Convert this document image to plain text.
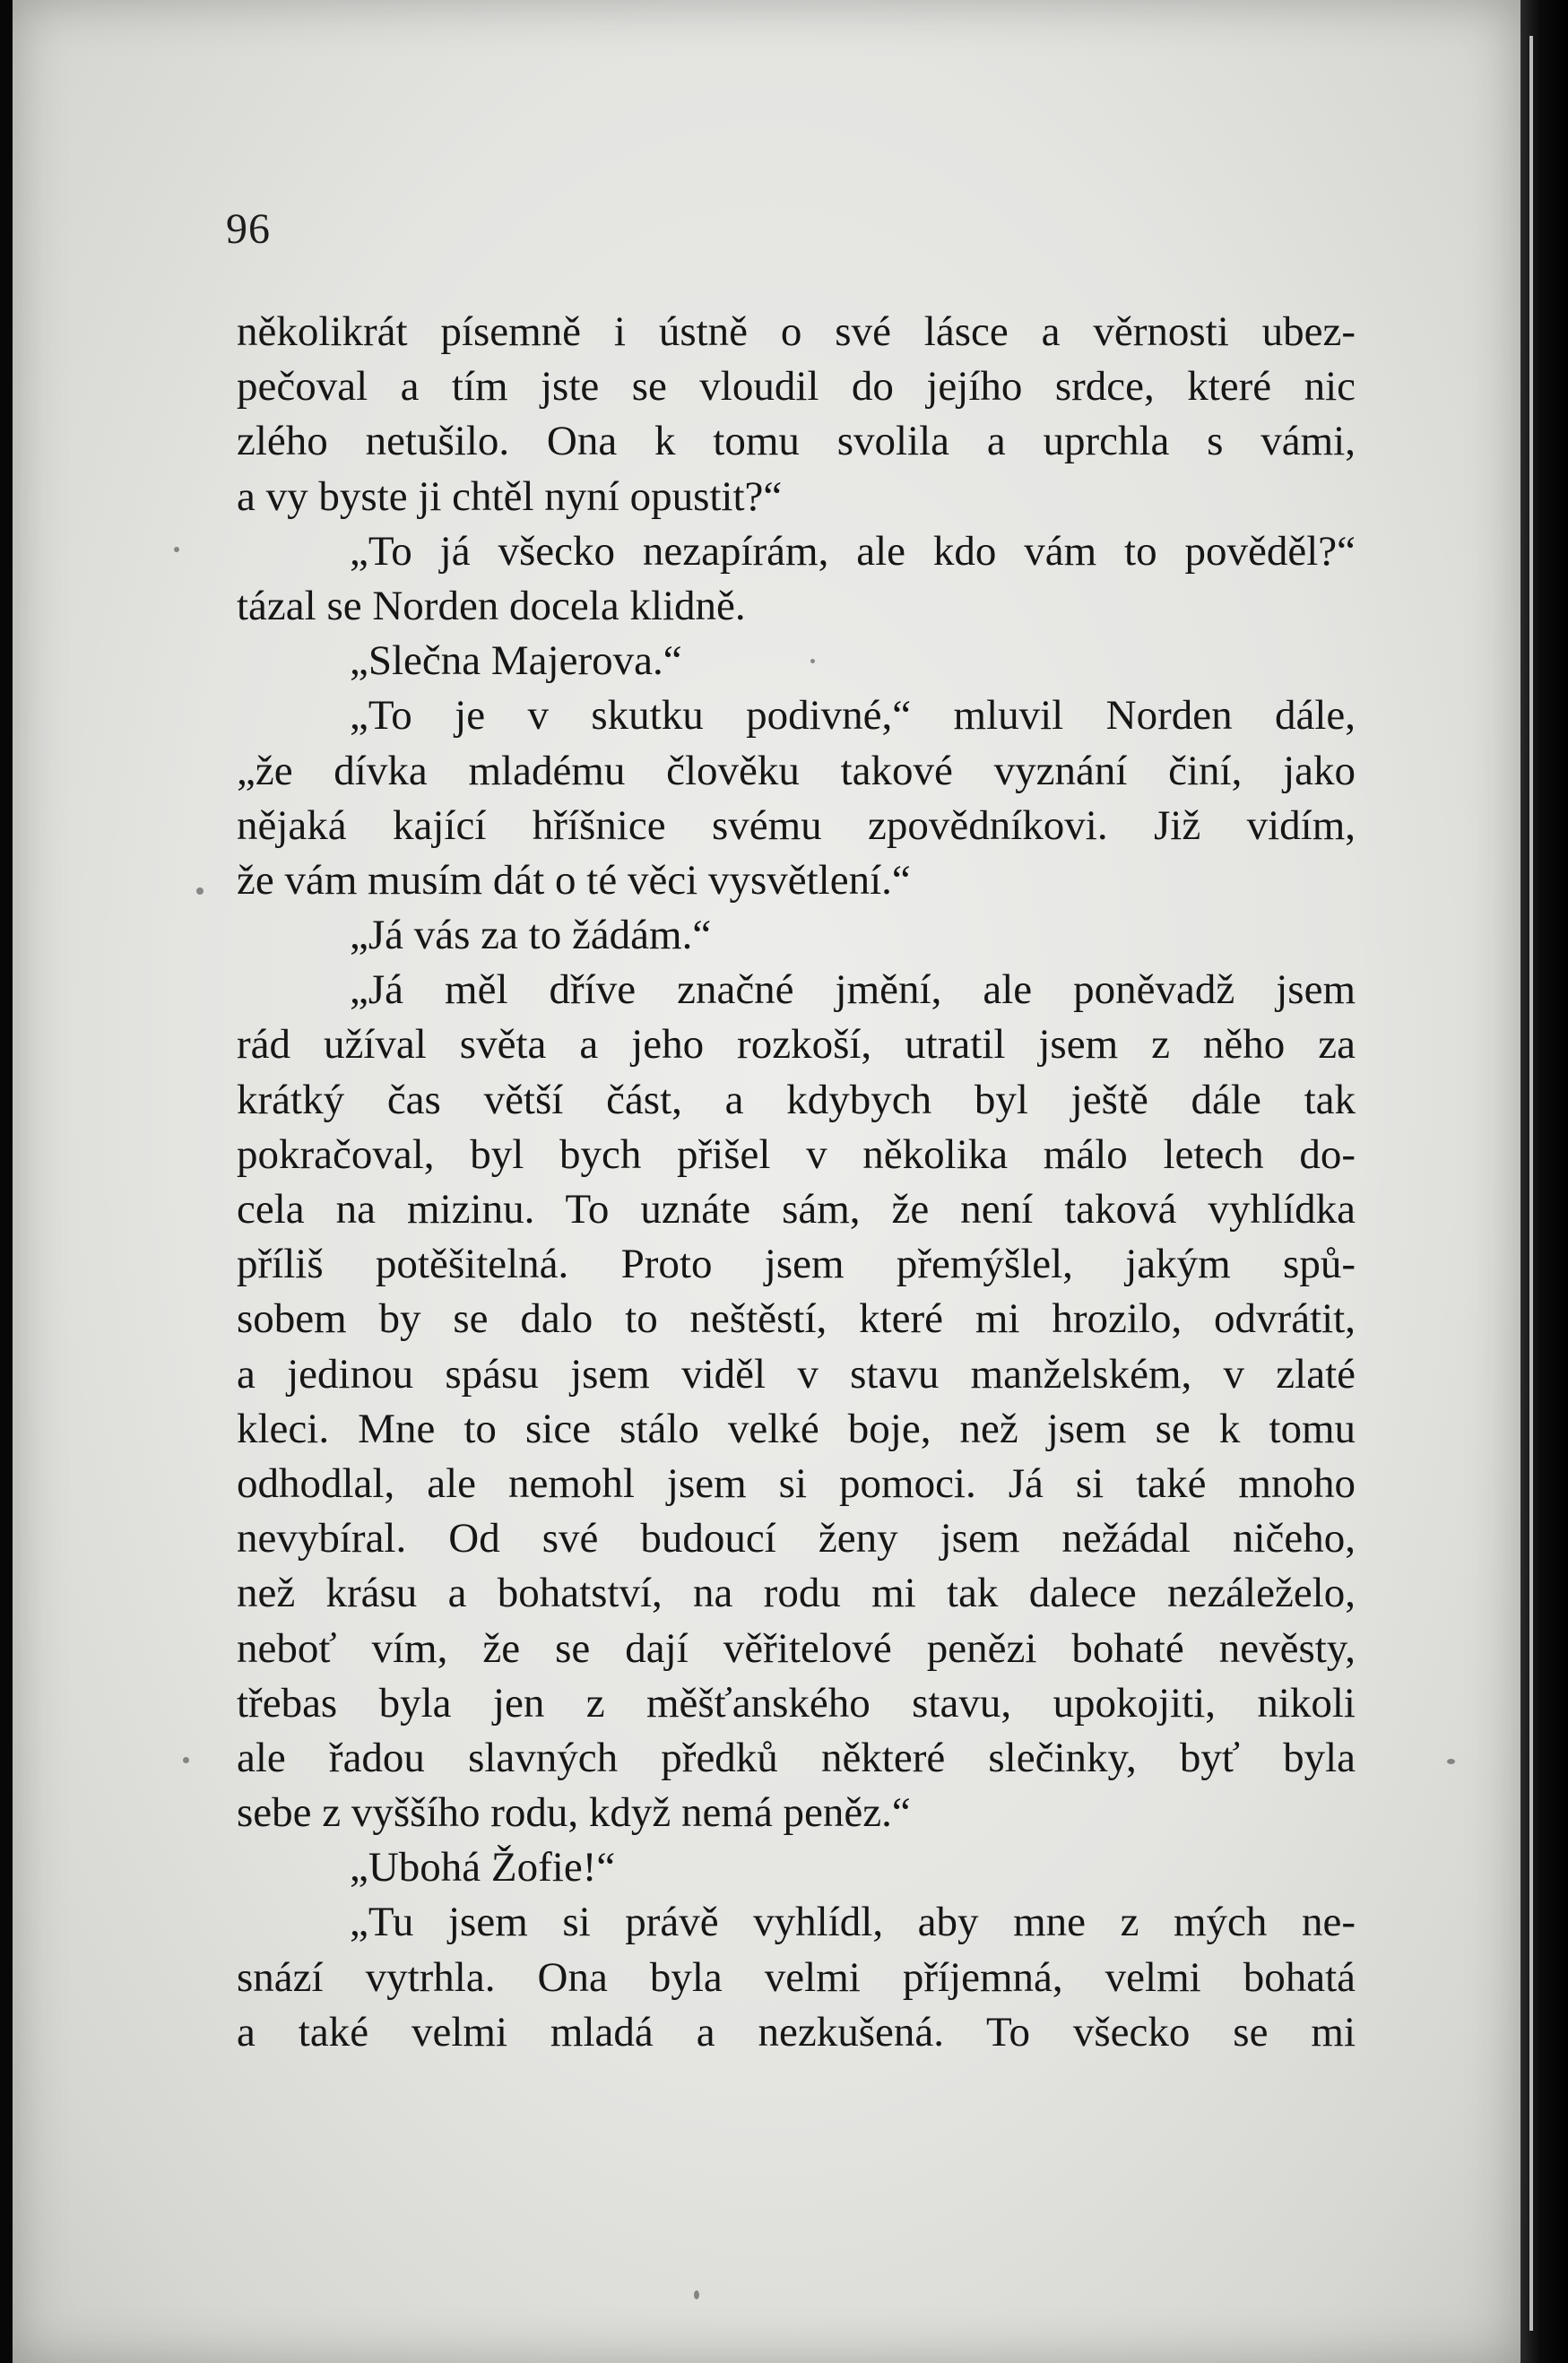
96
několikrát písemně i ústně o své lásce a věrnosti ubez-
pečoval a tím jste se vloudil do jejího srdce, které nic
zlého netušilo. Ona k tomu svolila a uprchla s vámi,
a vy byste ji chtěl nyní opustit?“
„To já všecko nezapírám, ale kdo vám to pověděl?“
tázal se Norden docela klidně.
„Slečna Majerova.“
„To je v skutku podivné,“ mluvil Norden dále,
„že dívka mladému člověku takové vyznání činí, jako
nějaká kající hříšnice svému zpovědníkovi. Již vidím,
že vám musím dát o té věci vysvětlení.“
„Já vás za to žádám.“
„Já měl dříve značné jmění, ale poněvadž jsem
rád užíval světa a jeho rozkoší, utratil jsem z něho za
krátký čas větší část, a kdybych byl ještě dále tak
pokračoval, byl bych přišel v několika málo letech do-
cela na mizinu. To uznáte sám, že není taková vyhlídka
příliš potěšitelná. Proto jsem přemýšlel, jakým spů-
sobem by se dalo to neštěstí, které mi hrozilo, odvrátit,
a jedinou spásu jsem viděl v stavu manželském, v zlaté
kleci. Mne to sice stálo velké boje, než jsem se k tomu
odhodlal, ale nemohl jsem si pomoci. Já si také mnoho
nevybíral. Od své budoucí ženy jsem nežádal ničeho,
než krásu a bohatství, na rodu mi tak dalece nezáleželo,
neboť vím, že se dají věřitelové penězi bohaté nevěsty,
třebas byla jen z měšťanského stavu, upokojiti, nikoli
ale řadou slavných předků některé slečinky, byť byla
sebe z vyššího rodu, když nemá peněz.“
„Ubohá Žofie!“
„Tu jsem si právě vyhlídl, aby mne z mých ne-
snází vytrhla. Ona byla velmi příjemná, velmi bohatá
a také velmi mladá a nezkušená. To všecko se mi
